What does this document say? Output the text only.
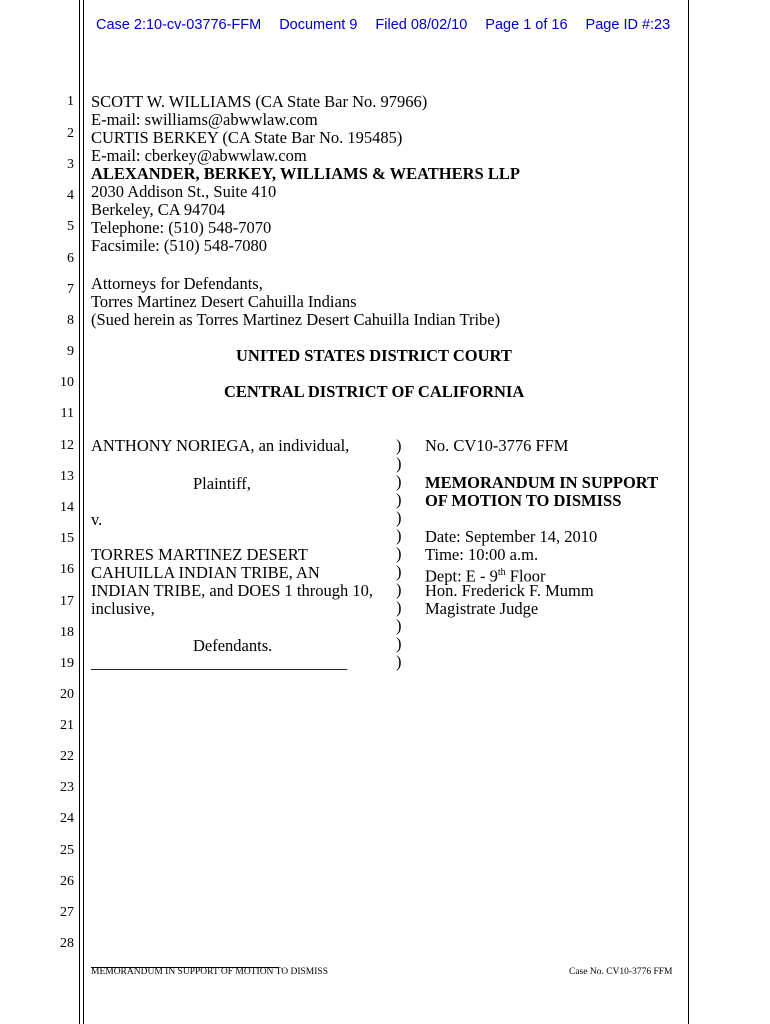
Case 2:10-cv-03776-FFM Document 9 Filed 08/02/10 Page 1 of 16 Page ID #:23
1
2
3
4
5
6
7
8
9
10
11
12
13
14
15
16
17
18
19
20
21
22
23
24
25
26
27
28
SCOTT W. WILLIAMS (CA State Bar No. 97966)
E-mail: swilliams@abwwlaw.com
CURTIS BERKEY (CA State Bar No. 195485)
E-mail: cberkey@abwwlaw.com
ALEXANDER, BERKEY, WILLIAMS & WEATHERS LLP
2030 Addison St., Suite 410
Berkeley, CA 94704
Telephone: (510) 548-7070
Facsimile: (510) 548-7080
Attorneys for Defendants,
Torres Martinez Desert Cahuilla Indians
(Sued herein as Torres Martinez Desert Cahuilla Indian Tribe)
UNITED STATES DISTRICT COURT
CENTRAL DISTRICT OF CALIFORNIA
ANTHONY NORIEGA, an individual,
Plaintiff,
v.
TORRES MARTINEZ DESERT
CAHUILLA INDIAN TRIBE, AN
INDIAN TRIBE, and DOES 1 through 10,
inclusive,
Defendants.
_________________________________
)
)
)
)
)
)
)
)
)
)
)
)
)
No. CV10-3776 FFM
MEMORANDUM IN SUPPORT
OF MOTION TO DISMISS
Date: September 14, 2010
Time: 10:00 a.m.
Dept: E - 9th Floor
Hon. Frederick F. Mumm
Magistrate Judge
MEMORANDUM IN SUPPORT OF MOTION TO DISMISS	Case No. CV10-3776 FFM
